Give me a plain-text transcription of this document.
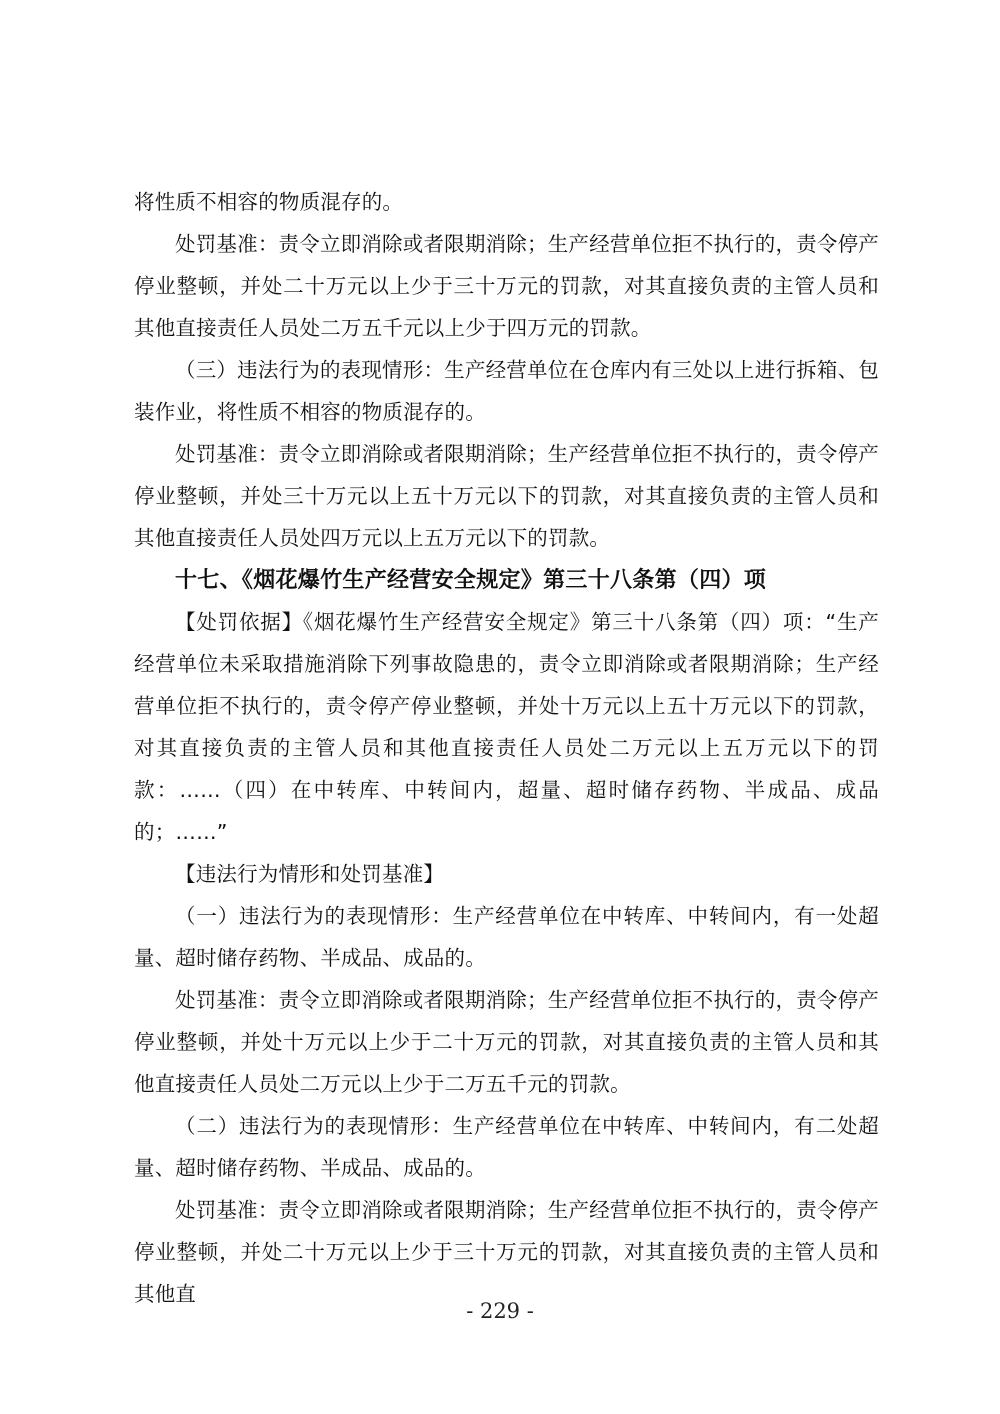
将性质不相容的物质混存的。

处罚基准：责令立即消除或者限期消除；生产经营单位拒不执行的，责令停产停业整顿，并处二十万元以上少于三十万元的罚款，对其直接负责的主管人员和其他直接责任人员处二万五千元以上少于四万元的罚款。

（三）违法行为的表现情形：生产经营单位在仓库内有三处以上进行拆箱、包装作业，将性质不相容的物质混存的。

处罚基准：责令立即消除或者限期消除；生产经营单位拒不执行的，责令停产停业整顿，并处三十万元以上五十万元以下的罚款，对其直接负责的主管人员和其他直接责任人员处四万元以上五万元以下的罚款。

十七、《烟花爆竹生产经营安全规定》第三十八条第（四）项

【处罚依据】《烟花爆竹生产经营安全规定》第三十八条第（四）项：“生产经营单位未采取措施消除下列事故隐患的，责令立即消除或者限期消除；生产经营单位拒不执行的，责令停产停业整顿，并处十万元以上五十万元以下的罚款，对其直接负责的主管人员和其他直接责任人员处二万元以上五万元以下的罚款：……（四）在中转库、中转间内，超量、超时储存药物、半成品、成品的；……”

【违法行为情形和处罚基准】

（一）违法行为的表现情形：生产经营单位在中转库、中转间内，有一处超量、超时储存药物、半成品、成品的。

处罚基准：责令立即消除或者限期消除；生产经营单位拒不执行的，责令停产停业整顿，并处十万元以上少于二十万元的罚款，对其直接负责的主管人员和其他直接责任人员处二万元以上少于二万五千元的罚款。

（二）违法行为的表现情形：生产经营单位在中转库、中转间内，有二处超量、超时储存药物、半成品、成品的。

处罚基准：责令立即消除或者限期消除；生产经营单位拒不执行的，责令停产停业整顿，并处二十万元以上少于三十万元的罚款，对其直接负责的主管人员和其他直

- 229 -
